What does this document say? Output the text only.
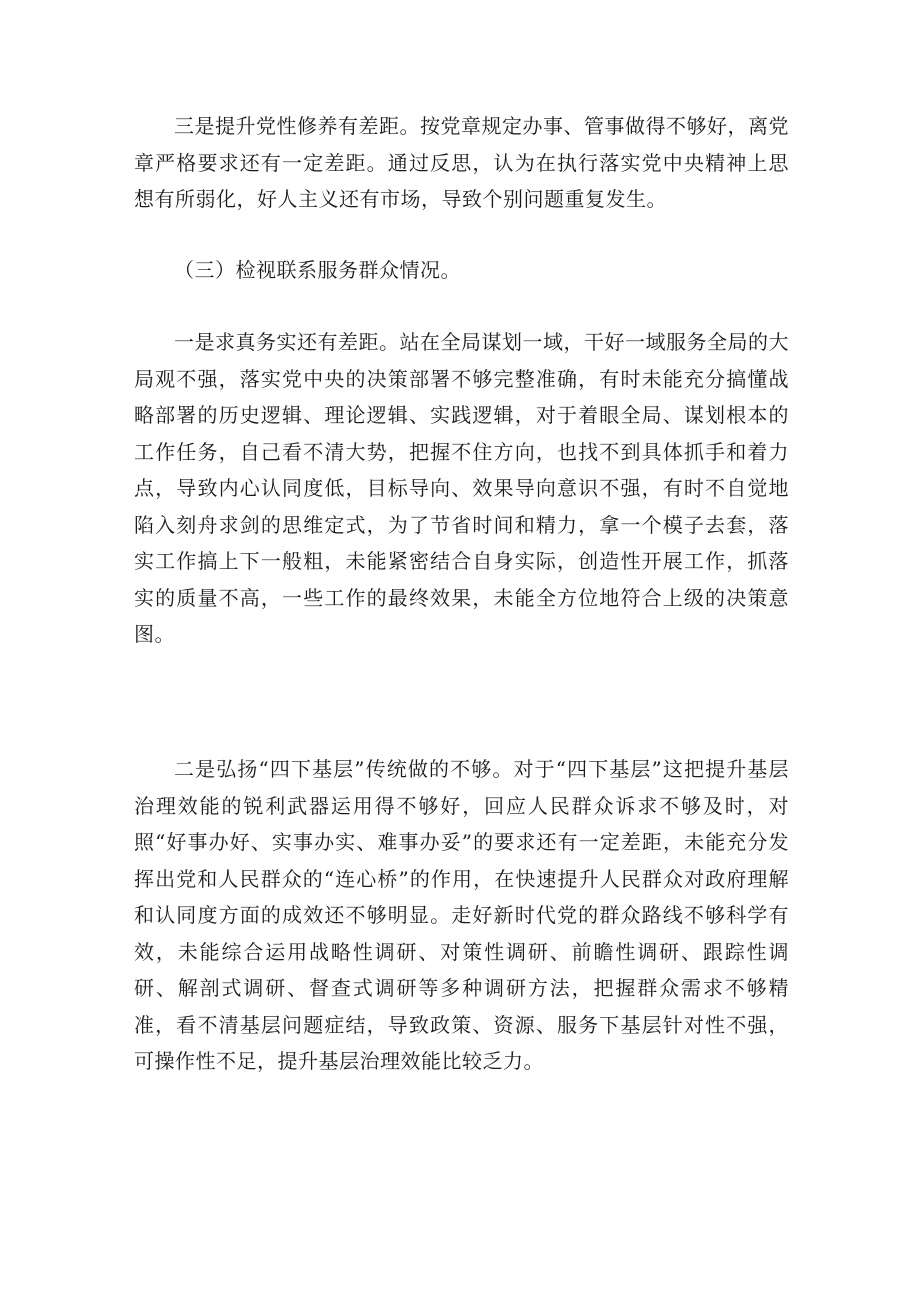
三是提升党性修养有差距。按党章规定办事、管事做得不够好，离党章严格要求还有一定差距。通过反思，认为在执行落实党中央精神上思想有所弱化，好人主义还有市场，导致个别问题重复发生。

（三）检视联系服务群众情况。

一是求真务实还有差距。站在全局谋划一域，干好一域服务全局的大局观不强，落实党中央的决策部署不够完整准确，有时未能充分搞懂战略部署的历史逻辑、理论逻辑、实践逻辑，对于着眼全局、谋划根本的工作任务，自己看不清大势，把握不住方向，也找不到具体抓手和着力点，导致内心认同度低，目标导向、效果导向意识不强，有时不自觉地陷入刻舟求剑的思维定式，为了节省时间和精力，拿一个模子去套，落实工作搞上下一般粗，未能紧密结合自身实际，创造性开展工作，抓落实的质量不高，一些工作的最终效果，未能全方位地符合上级的决策意图。

二是弘扬“四下基层”传统做的不够。对于“四下基层”这把提升基层治理效能的锐利武器运用得不够好，回应人民群众诉求不够及时，对照“好事办好、实事办实、难事办妥”的要求还有一定差距，未能充分发挥出党和人民群众的“连心桥”的作用，在快速提升人民群众对政府理解和认同度方面的成效还不够明显。走好新时代党的群众路线不够科学有效，未能综合运用战略性调研、对策性调研、前瞻性调研、跟踪性调研、解剖式调研、督查式调研等多种调研方法，把握群众需求不够精准，看不清基层问题症结，导致政策、资源、服务下基层针对性不强，可操作性不足，提升基层治理效能比较乏力。
